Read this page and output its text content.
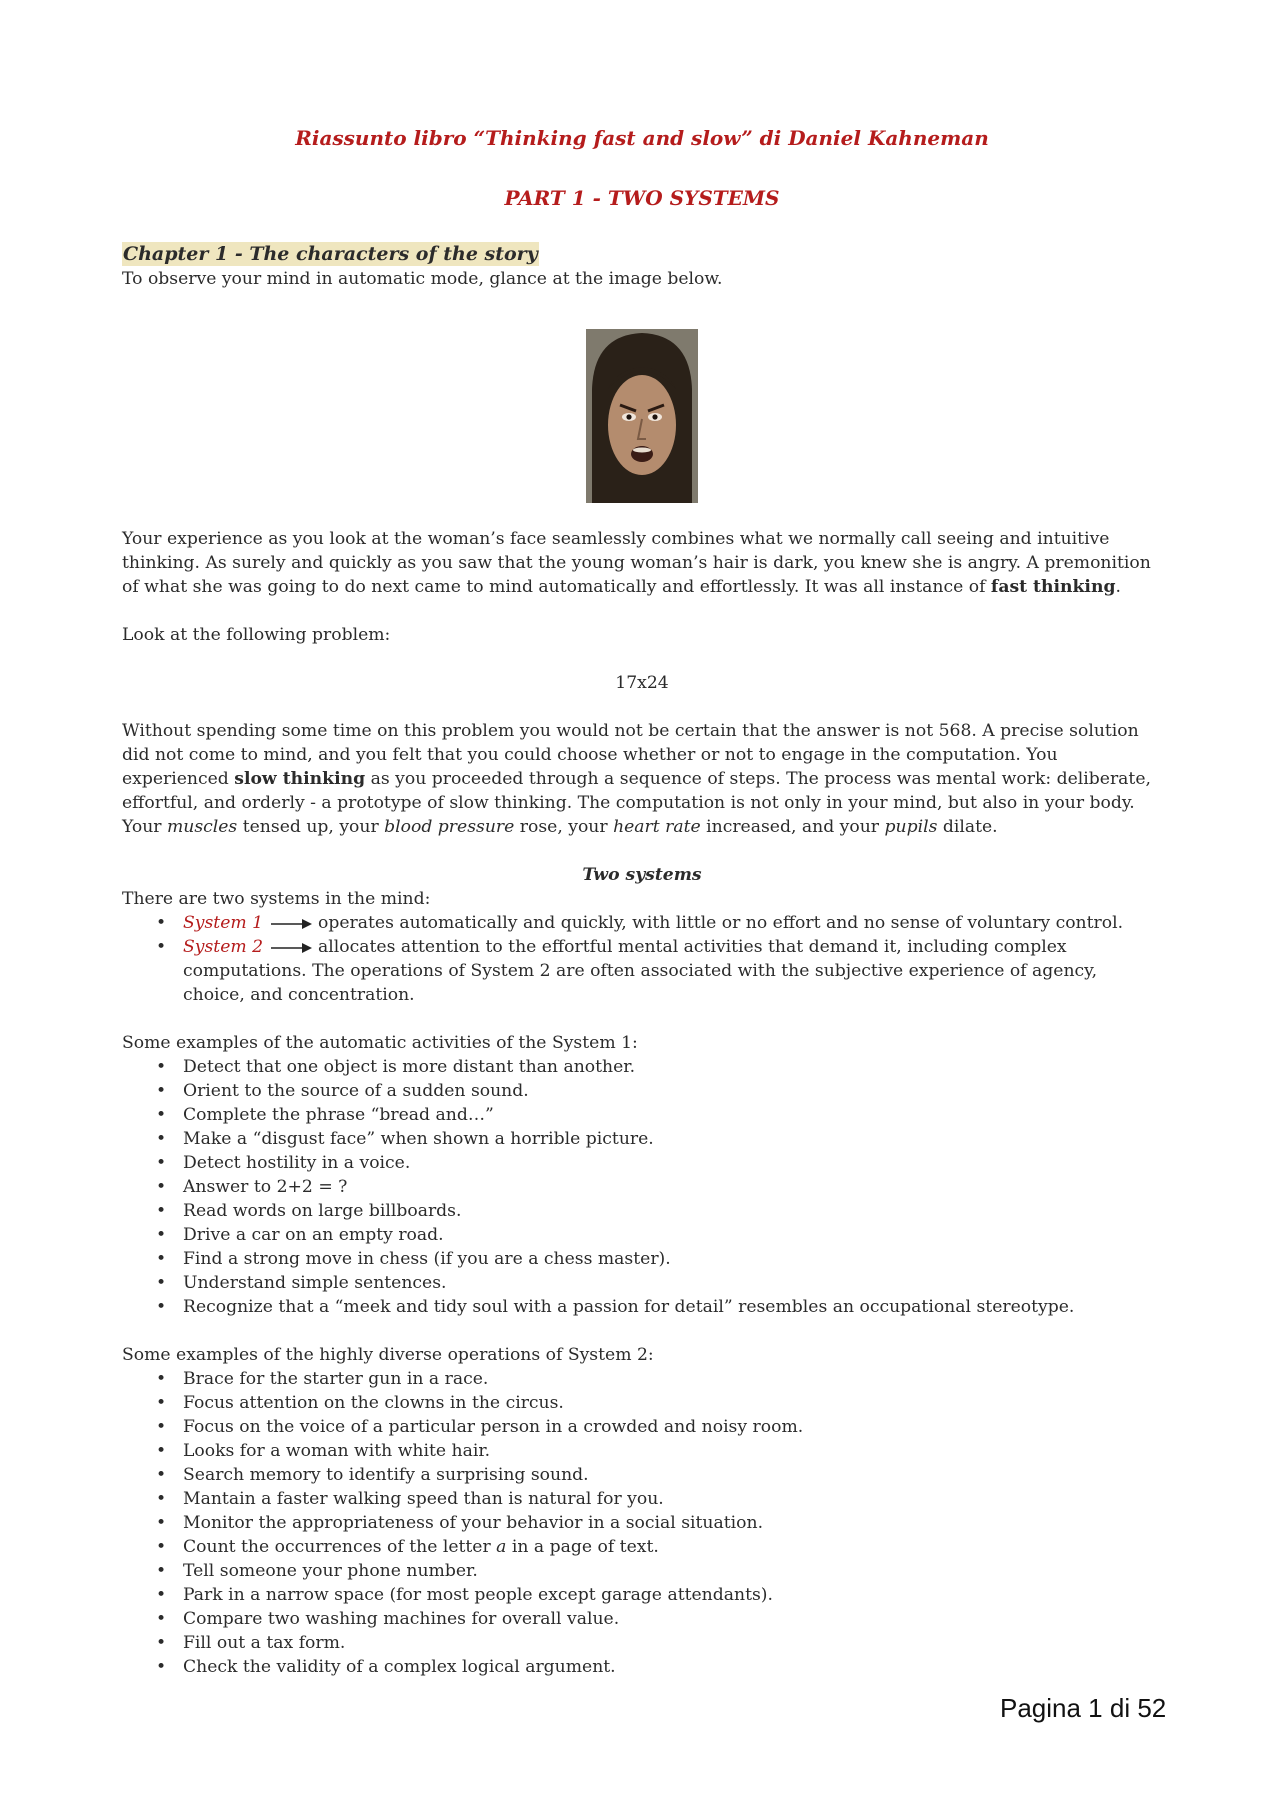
Riassunto libro “Thinking fast and slow” di Daniel Kahneman
PART 1 - TWO SYSTEMS
Chapter 1 - The characters of the story

To observe your mind in automatic mode, glance at the image below.

Your experience as you look at the woman’s face seamlessly combines what we normally call seeing and intuitive thinking. As surely and quickly as you saw that the young woman’s hair is dark, you knew she is angry. A premonition of what she was going to do next came to mind automatically and effortlessly. It was all instance of fast thinking.

Look at the following problem:

17x24

Without spending some time on this problem you would not be certain that the answer is not 568. A precise solution did not come to mind, and you felt that you could choose whether or not to engage in the computation. You experienced slow thinking as you proceeded through a sequence of steps. The process was mental work: deliberate, effortful, and orderly - a prototype of slow thinking. The computation is not only in your mind, but also in your body. Your muscles tensed up, your blood pressure rose, your heart rate increased, and your pupils dilate.

Two systems

There are two systems in the mind:

• System 1	operates automatically and quickly, with little or no effort and no sense of voluntary control.
• System 2	allocates attention to the effortful mental activities that demand it, including complex computations. The operations of System 2 are often associated with the subjective experience of agency, choice, and concentration.

Some examples of the automatic activities of the System 1:

• Detect that one object is more distant than another.
• Orient to the source of a sudden sound.
• Complete the phrase “bread and…”
• Make a “disgust face” when shown a horrible picture.
• Detect hostility in a voice.
• Answer to 2+2 = ?
• Read words on large billboards.
• Drive a car on an empty road.
• Find a strong move in chess (if you are a chess master).
• Understand simple sentences.
• Recognize that a “meek and tidy soul with a passion for detail” resembles an occupational stereotype.

Some examples of the highly diverse operations of System 2:

• Brace for the starter gun in a race.
• Focus attention on the clowns in the circus.
• Focus on the voice of a particular person in a crowded and noisy room.
• Looks for a woman with white hair.
• Search memory to identify a surprising sound.
• Mantain a faster walking speed than is natural for you.
• Monitor the appropriateness of your behavior in a social situation.
• Count the occurrences of the letter a in a page of text.
• Tell someone your phone number.
• Park in a narrow space (for most people except garage attendants).
• Compare two washing machines for overall value.
• Fill out a tax form.
• Check the validity of a complex logical argument.
Pagina 1 di 52
